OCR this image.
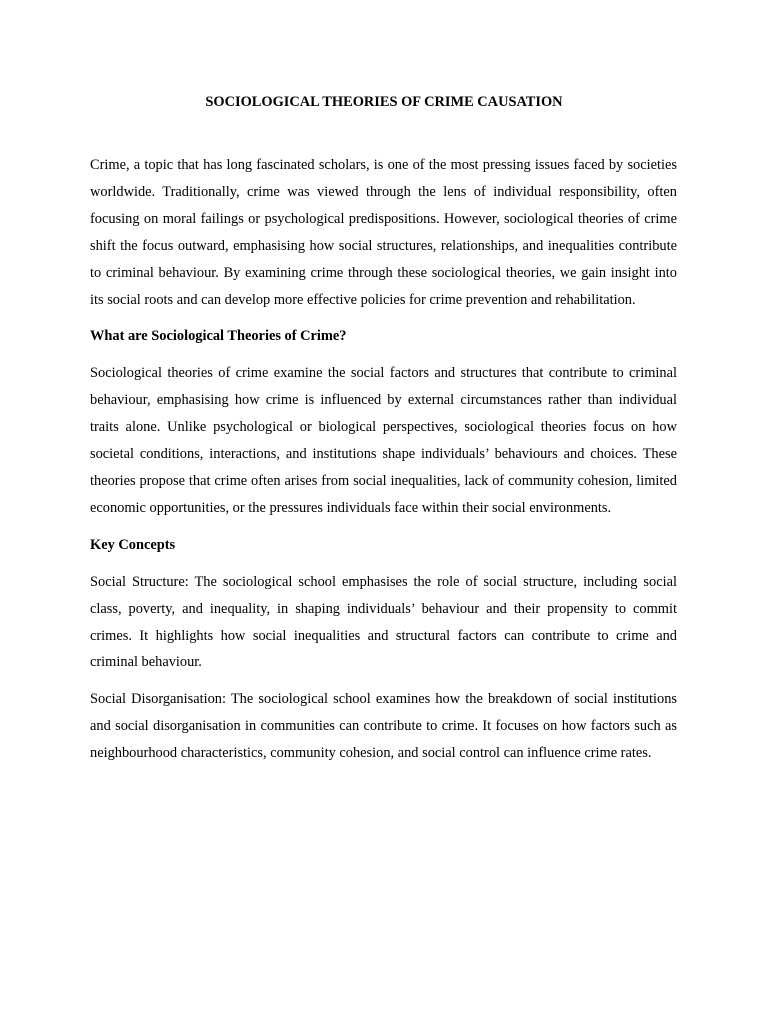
SOCIOLOGICAL THEORIES OF CRIME CAUSATION

Crime, a topic that has long fascinated scholars, is one of the most pressing issues faced by societies worldwide. Traditionally, crime was viewed through the lens of individual responsibility, often focusing on moral failings or psychological predispositions. However, sociological theories of crime shift the focus outward, emphasising how social structures, relationships, and inequalities contribute to criminal behaviour. By examining crime through these sociological theories, we gain insight into its social roots and can develop more effective policies for crime prevention and rehabilitation.

What are Sociological Theories of Crime?

Sociological theories of crime examine the social factors and structures that contribute to criminal behaviour, emphasising how crime is influenced by external circumstances rather than individual traits alone. Unlike psychological or biological perspectives, sociological theories focus on how societal conditions, interactions, and institutions shape individuals’ behaviours and choices. These theories propose that crime often arises from social inequalities, lack of community cohesion, limited economic opportunities, or the pressures individuals face within their social environments.

Key Concepts

Social Structure: The sociological school emphasises the role of social structure, including social class, poverty, and inequality, in shaping individuals’ behaviour and their propensity to commit crimes. It highlights how social inequalities and structural factors can contribute to crime and criminal behaviour.

Social Disorganisation: The sociological school examines how the breakdown of social institutions and social disorganisation in communities can contribute to crime. It focuses on how factors such as neighbourhood characteristics, community cohesion, and social control can influence crime rates.
